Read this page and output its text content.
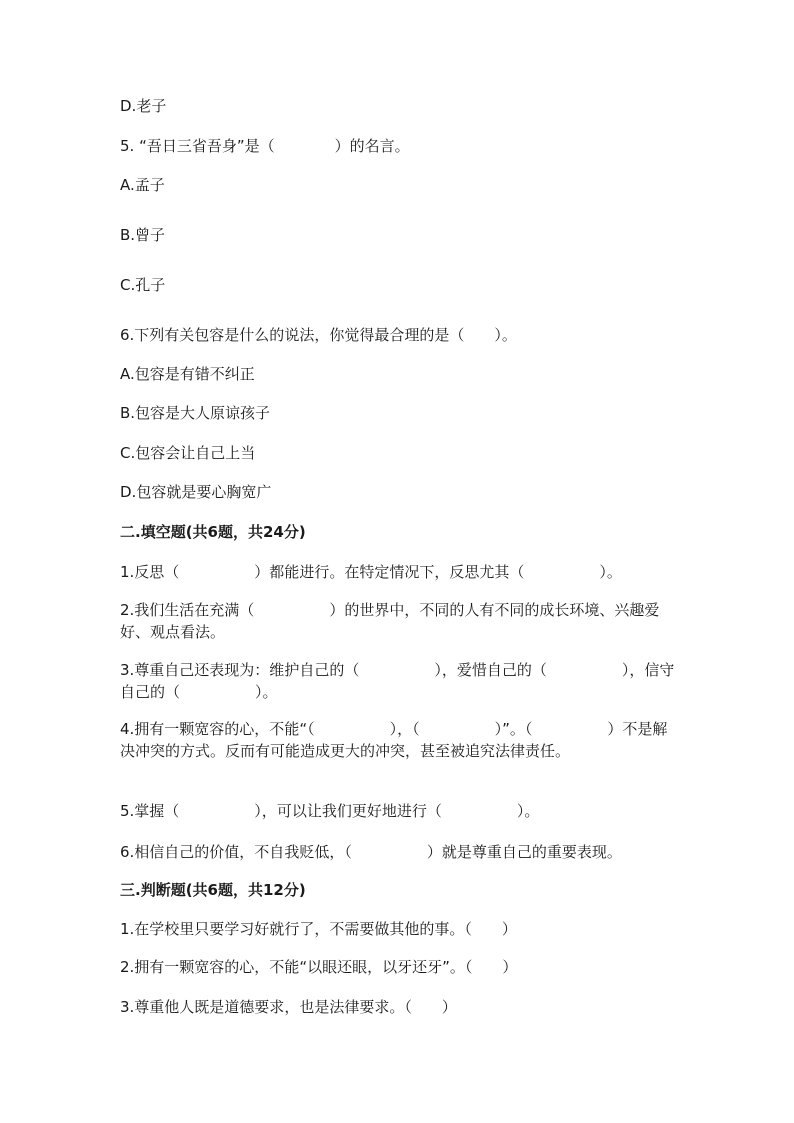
D.老子
5. “吾日三省吾身”是（　　　　）的名言。
A.孟子
B.曾子
C.孔子
6.下列有关包容是什么的说法，你觉得最合理的是（　　）。
A.包容是有错不纠正
B.包容是大人原谅孩子
C.包容会让自己上当
D.包容就是要心胸宽广
二.填空题(共6题，共24分)
1.反思（　　　　　）都能进行。在特定情况下，反思尤其（　　　　　）。
2.我们生活在充满（　　　　　）的世界中，不同的人有不同的成长环境、兴趣爱好、观点看法。
3.尊重自己还表现为：维护自己的（　　　　　），爱惜自己的（　　　　　），信守自己的（　　　　　）。
4.拥有一颗宽容的心，不能“（　　　　　），（　　　　　）”。（　　　　　）不是解决冲突的方式。反而有可能造成更大的冲突，甚至被追究法律责任。
5.掌握（　　　　　），可以让我们更好地进行（　　　　　）。
6.相信自己的价值，不自我贬低，（　　　　　）就是尊重自己的重要表现。
三.判断题(共6题，共12分)
1.在学校里只要学习好就行了，不需要做其他的事。（　　）
2.拥有一颗宽容的心，不能“以眼还眼，以牙还牙”。（　　）
3.尊重他人既是道德要求，也是法律要求。（　　）
